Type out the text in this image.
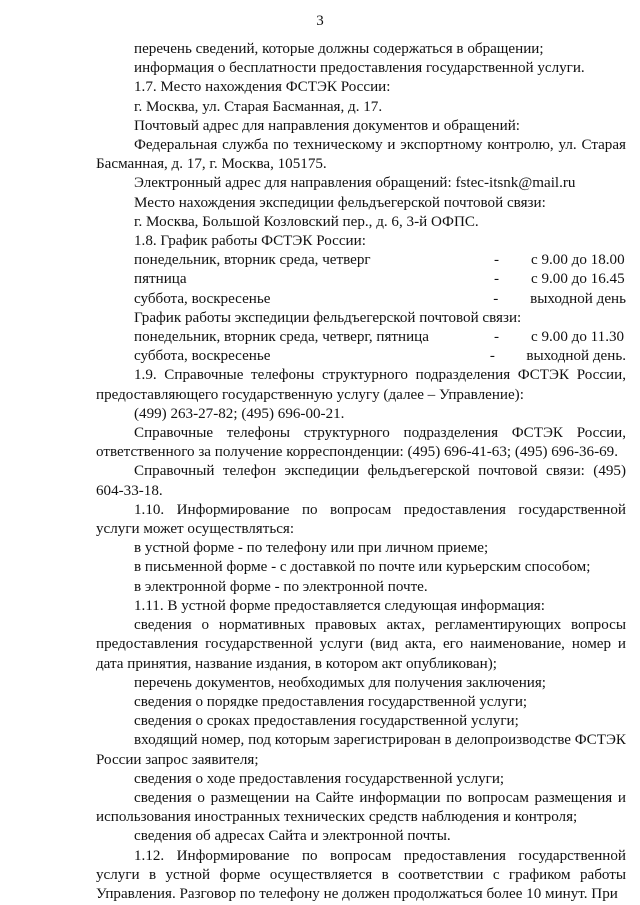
3

перечень сведений, которые должны содержаться в обращении;

информация о бесплатности предоставления государственной услуги.

1.7. Место нахождения ФСТЭК России:

г. Москва, ул. Старая Басманная, д. 17.

Почтовый адрес для направления документов и обращений:

Федеральная служба по техническому и экспортному контролю, ул. Старая Басманная, д. 17, г. Москва, 105175.

Электронный адрес для направления обращений: fstec-itsnk@mail.ru

Место нахождения экспедиции фельдъегерской почтовой связи:

г. Москва, Большой Козловский пер., д. 6, 3-й ОФПС.

1.8. График работы ФСТЭК России:

понедельник, вторник среда, четверг	-	с 9.00 до 18.00
пятница	-	с 9.00 до 16.45
суббота, воскресенье	-	выходной день

График работы экспедиции фельдъегерской почтовой связи:

понедельник, вторник среда, четверг, пятница	-	с 9.00 до 11.30
суббота, воскресенье	-	выходной день.

1.9. Справочные телефоны структурного подразделения ФСТЭК России, предоставляющего государственную услугу (далее – Управление):

(499) 263-27-82; (495) 696-00-21.

Справочные телефоны структурного подразделения ФСТЭК России, ответственного за получение корреспонденции: (495) 696-41-63; (495) 696-36-69.

Справочный телефон экспедиции фельдъегерской почтовой связи: (495) 604-33-18.

1.10. Информирование по вопросам предоставления государственной услуги может осуществляться:

в устной форме - по телефону или при личном приеме;

в письменной форме - с доставкой по почте или курьерским способом;

в электронной форме - по электронной почте.

1.11. В устной форме предоставляется следующая информация:

сведения о нормативных правовых актах, регламентирующих вопросы предоставления государственной услуги (вид акта, его наименование, номер и дата принятия, название издания, в котором акт опубликован);

перечень документов, необходимых для получения заключения;

сведения о порядке предоставления государственной услуги;

сведения о сроках предоставления государственной услуги;

входящий номер, под которым зарегистрирован в делопроизводстве ФСТЭК России запрос заявителя;

сведения о ходе предоставления государственной услуги;

сведения о размещении на Сайте информации по вопросам размещения и использования иностранных технических средств наблюдения и контроля;

сведения об адресах Сайта и электронной почты.

1.12. Информирование по вопросам предоставления государственной услуги в устной форме осуществляется в соответствии с графиком работы Управления. Разговор по телефону не должен продолжаться более 10 минут. При
